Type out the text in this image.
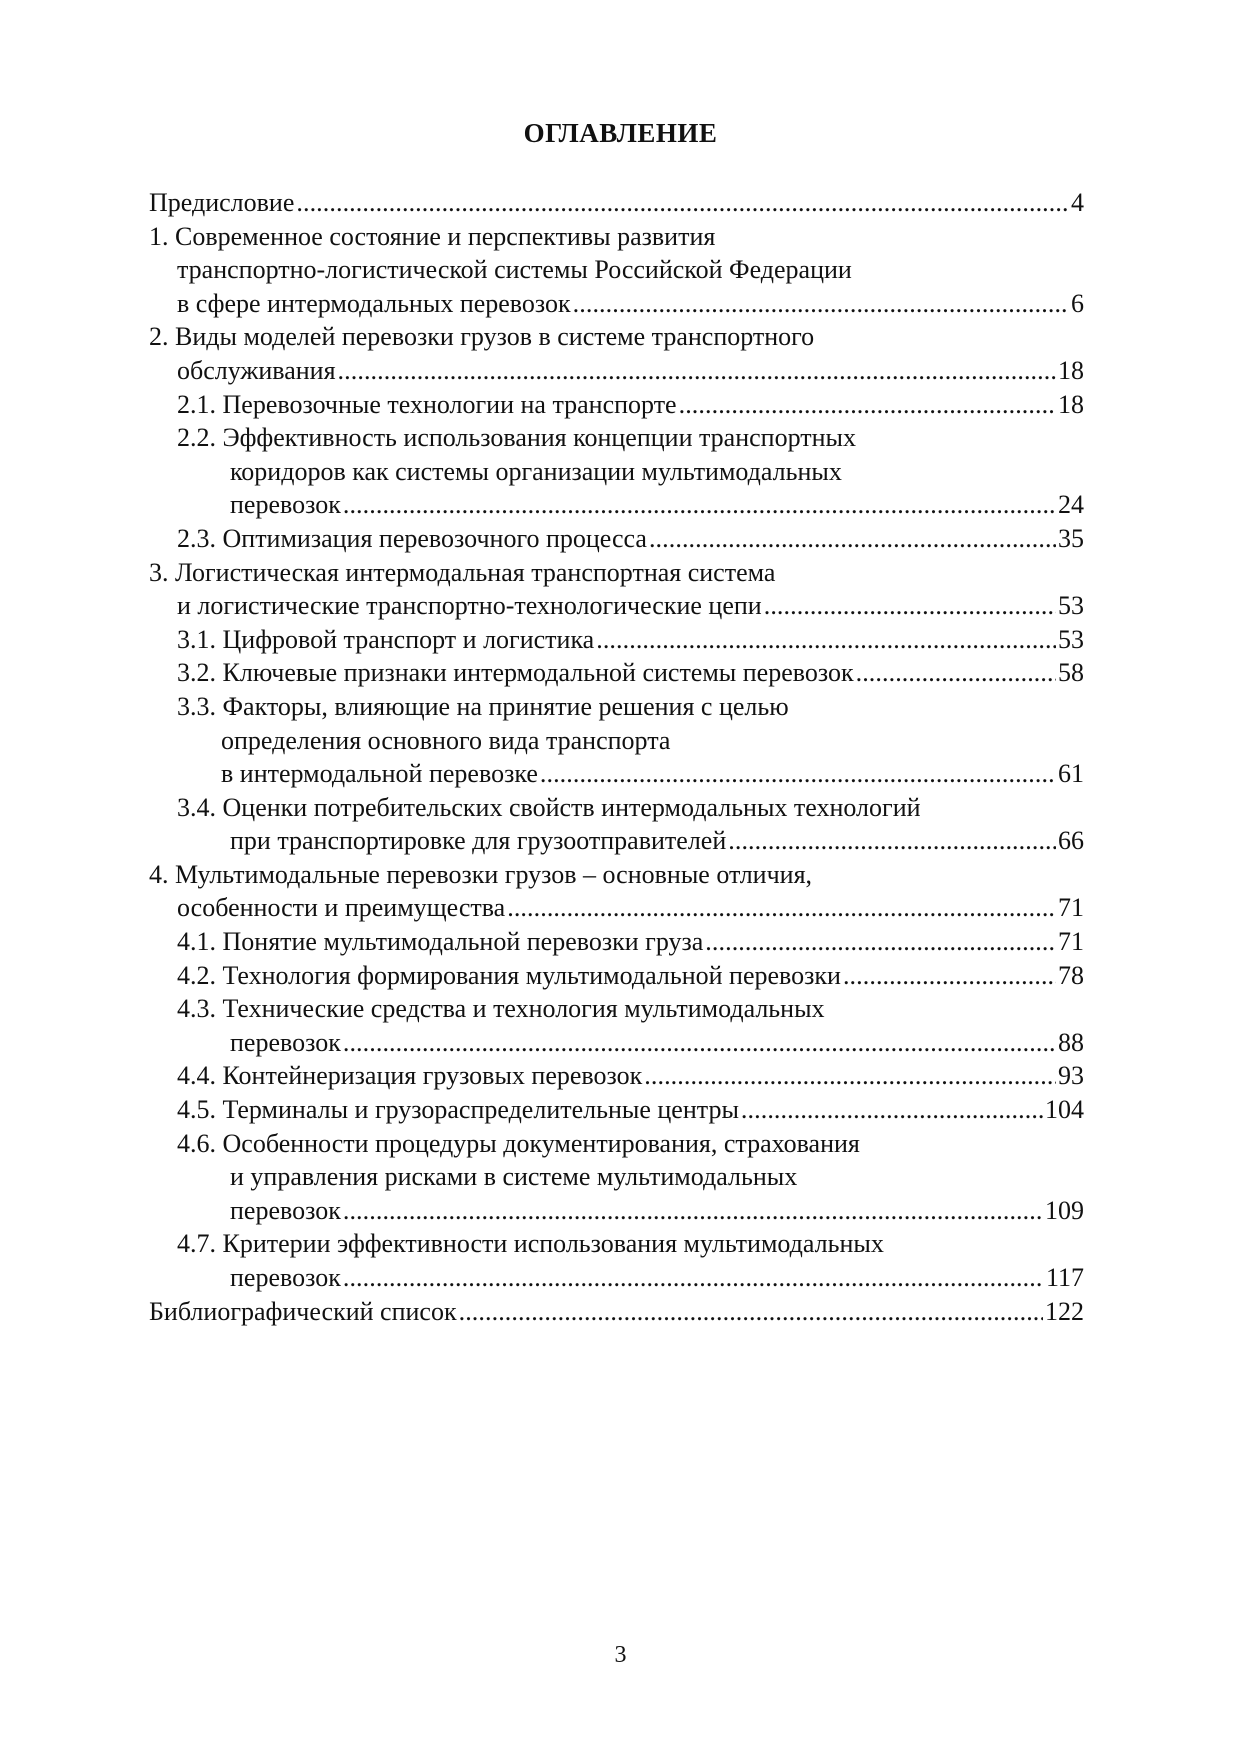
ОГЛАВЛЕНИЕ
Предисловие . . .	4
1. Современное состояние и перспективы развития
транспортно-логистической системы Российской Федерации
в сфере интермодальных перевозок . . .	6
2. Виды моделей перевозки грузов в системе транспортного
обслуживания . . .	18
2.1. Перевозочные технологии на транспорте . . .	18
2.2. Эффективность использования концепции транспортных
коридоров как системы организации мультимодальных
перевозок . . .	24
2.3. Оптимизация перевозочного процесса . . .	35
3. Логистическая интермодальная транспортная система
и логистические транспортно-технологические цепи . . .	53
3.1. Цифровой транспорт и логистика . . .	53
3.2. Ключевые признаки интермодальной системы перевозок . . .	58
3.3. Факторы, влияющие на принятие решения с целью
определения основного вида транспорта
в интермодальной перевозке . . .	61
3.4. Оценки потребительских свойств интермодальных технологий
при транспортировке для грузоотправителей . . .	66
4. Мультимодальные перевозки грузов – основные отличия,
особенности и преимущества . . .	71
4.1. Понятие мультимодальной перевозки груза . . .	71
4.2. Технология формирования мультимодальной перевозки . . .	78
4.3. Технические средства и технология мультимодальных
перевозок . . .	88
4.4. Контейнеризация грузовых перевозок . . .	93
4.5. Терминалы и грузораспределительные центры . . .	104
4.6. Особенности процедуры документирования, страхования
и управления рисками в системе мультимодальных
перевозок . . .	109
4.7. Критерии эффективности использования мультимодальных
перевозок . . .	117
Библиографический список . . .	122
3
